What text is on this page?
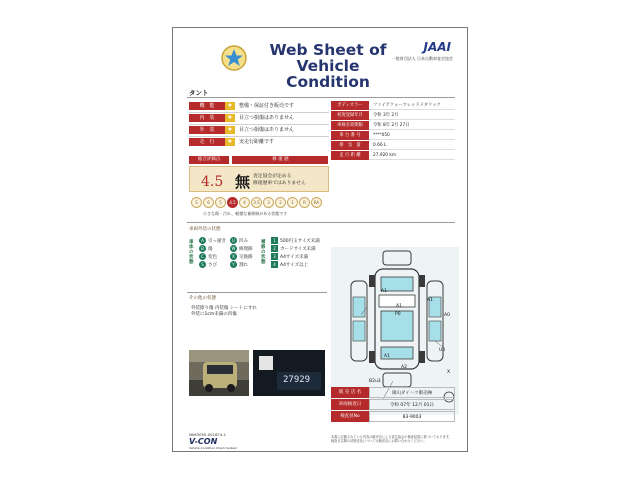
Web Sheet of
Vehicle Condition
JAAI
一般財団法人 日本自動車査定協会
タント
機　能 ★ 整備・保証付き販売です
内　装 ★ 目立つ損傷はありません
外　装 ★ 目立つ損傷はありません
走　行 ★ 実走行距離です
ボディカラー	ファイアクォーツレッドメタリック
初度登録年月	令和 3年 2月
車検有効期限	令和 8年 2月 27日
車 台 番 号	****050
排　気　量	0.66 L
走 行 距 離	27,920 km
総合評価点	修 復 歴
4.5 無 査定協会が定める
修復歴車ではありません
S	6	5	4.5	4	3.5	3	2	1	R	RA
小さな傷・汚れ、軽微な補修跡がある状態です
車両外装の状態
車体の状態
A 引っ掻き U 凹み
B 傷	W 修理跡
C 変色	X 交換跡
S さび	Y 割れ
補修の状態
1 500円玉サイズ未満
2 カードサイズ未満
3 A4サイズ未満
4 A4サイズ以上
その他の状態
外装擦り傷 内装傷 シートにすれ
外装に1cm未満の凹傷
27929
A1
A1
P0
A1
A0
U0
A1
A2
B2u3
X
販 売 店 名	岡山ダイハツ販売㈱
車両検査日	令和 07年 12月 01日
検査員No	83-9003
N063055-001874-1
V-CON
Vehicle Condition Check System
本書に記載されている内容は販売店による査定協会の検査結果に基づいております。検査日以降の状態変化については販売店にお問い合わせください。
